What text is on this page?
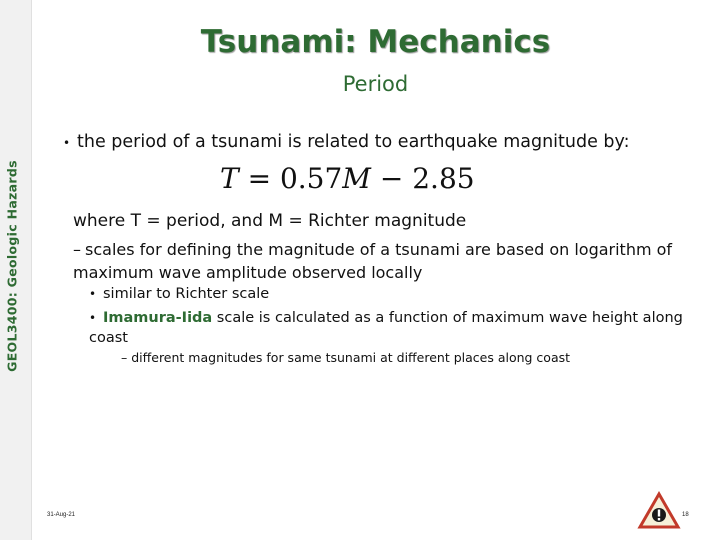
GEOL3400: Geologic Hazards
Tsunami: Mechanics
Period
• the period of a tsunami is related to earthquake magnitude by:
T = 0.57M − 2.85
where T = period, and M = Richter magnitude
– scales for defining the magnitude of a tsunami are based on logarithm of maximum wave amplitude observed locally
• similar to Richter scale
• Imamura-Iida scale is calculated as a function of maximum wave height along coast
– different magnitudes for same tsunami at different places along coast
31-Aug-21	18
